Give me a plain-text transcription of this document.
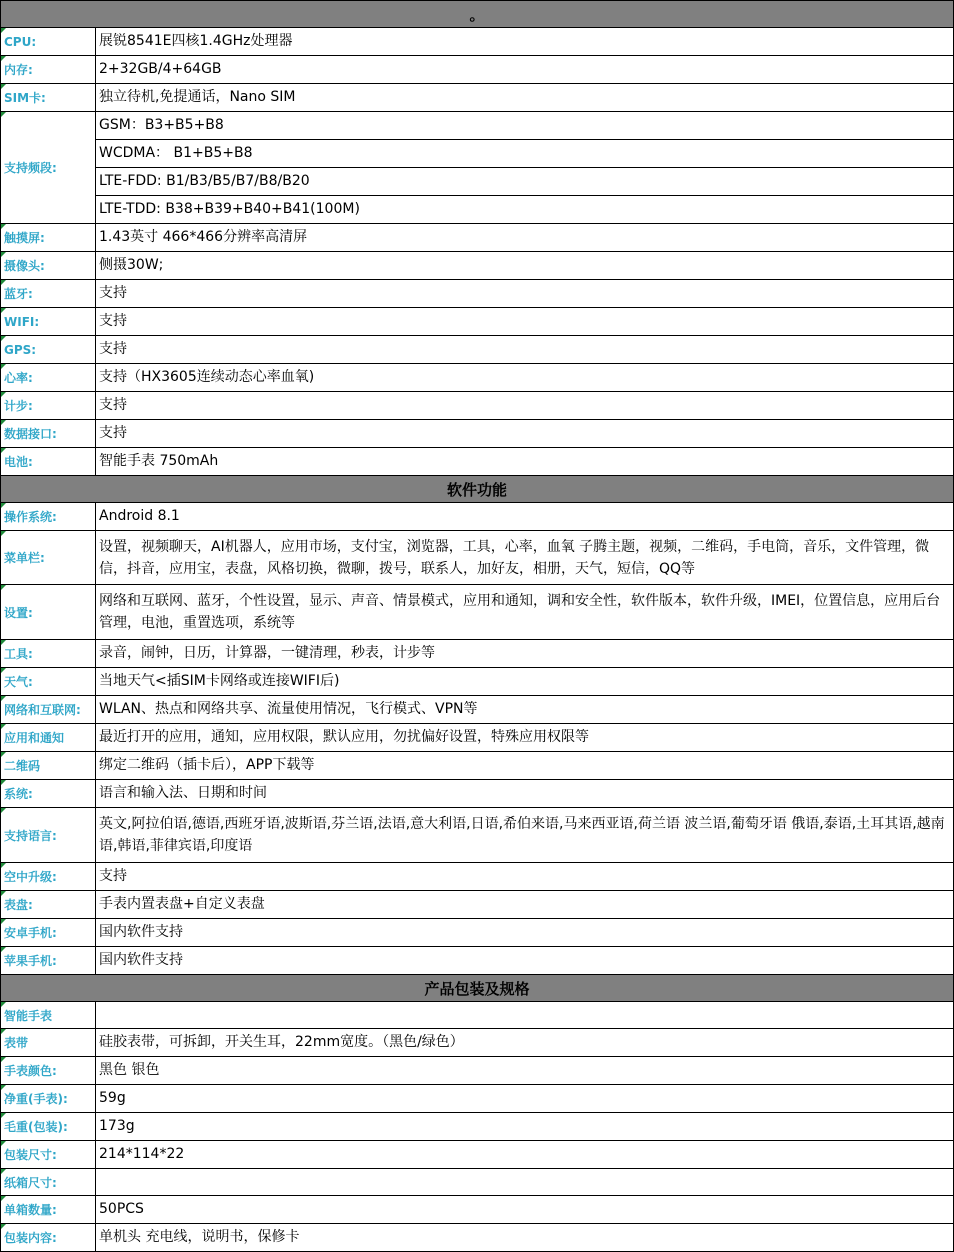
。	
CPU:	展锐8541E四核1.4GHz处理器
内存:	2+32GB/4+64GB
SIM卡:	独立待机,免提通话，Nano SIM
支持频段:	GSM：B3+B5+B8
	WCDMA： B1+B5+B8
	LTE-FDD: B1/B3/B5/B7/B8/B20
	LTE-TDD: B38+B39+B40+B41(100M)
触摸屏:	1.43英寸 466*466分辨率高清屏
摄像头:	侧摄30W;
蓝牙:	支持
WIFI:	支持
GPS:	支持
心率:	支持（HX3605连续动态心率血氧)
计步:	支持
数据接口:	支持
电池:	智能手表 750mAh
软件功能	
操作系统:	Android 8.1
菜单栏:	设置，视频聊天，AI机器人，应用市场，支付宝，浏览器，工具，心率，血氧 子腾主题，视频，二维码，手电筒，音乐，文件管理，微信，抖音，应用宝，表盘，风格切换，微聊，拨号，联系人，加好友，相册，天气，短信，QQ等
设置:	网络和互联网、蓝牙，个性设置，显示、声音、情景模式，应用和通知，调和安全性，软件版本，软件升级，IMEI，位置信息，应用后台管理，电池，重置选项，系统等
工具:	录音，闹钟，日历，计算器，一键清理，秒表，计步等
天气:	当地天气<插SIM卡网络或连接WIFI后)
网络和互联网:	WLAN、热点和网络共享、流量使用情况，飞行模式、VPN等
应用和通知	最近打开的应用，通知，应用权限，默认应用，勿扰偏好设置，特殊应用权限等
二维码	绑定二维码（插卡后），APP下载等
系统:	语言和输入法、日期和时间
支持语言:	英文,阿拉伯语,德语,西班牙语,波斯语,芬兰语,法语,意大利语,日语,希伯来语,马来西亚语,荷兰语 波兰语,葡萄牙语 俄语,泰语,土耳其语,越南语,韩语,菲律宾语,印度语
空中升级:	支持
表盘:	手表内置表盘+自定义表盘
安卓手机:	国内软件支持
苹果手机:	国内软件支持
产品包装及规格	
智能手表	
表带	硅胶表带，可拆卸，开关生耳，22mm宽度。（黑色/绿色）
手表颜色:	黑色 银色
净重(手表):	59g
毛重(包装):	173g
包装尺寸:	214*114*22
纸箱尺寸:	
单箱数量:	50PCS
包装内容:	单机头 充电线，说明书，保修卡
